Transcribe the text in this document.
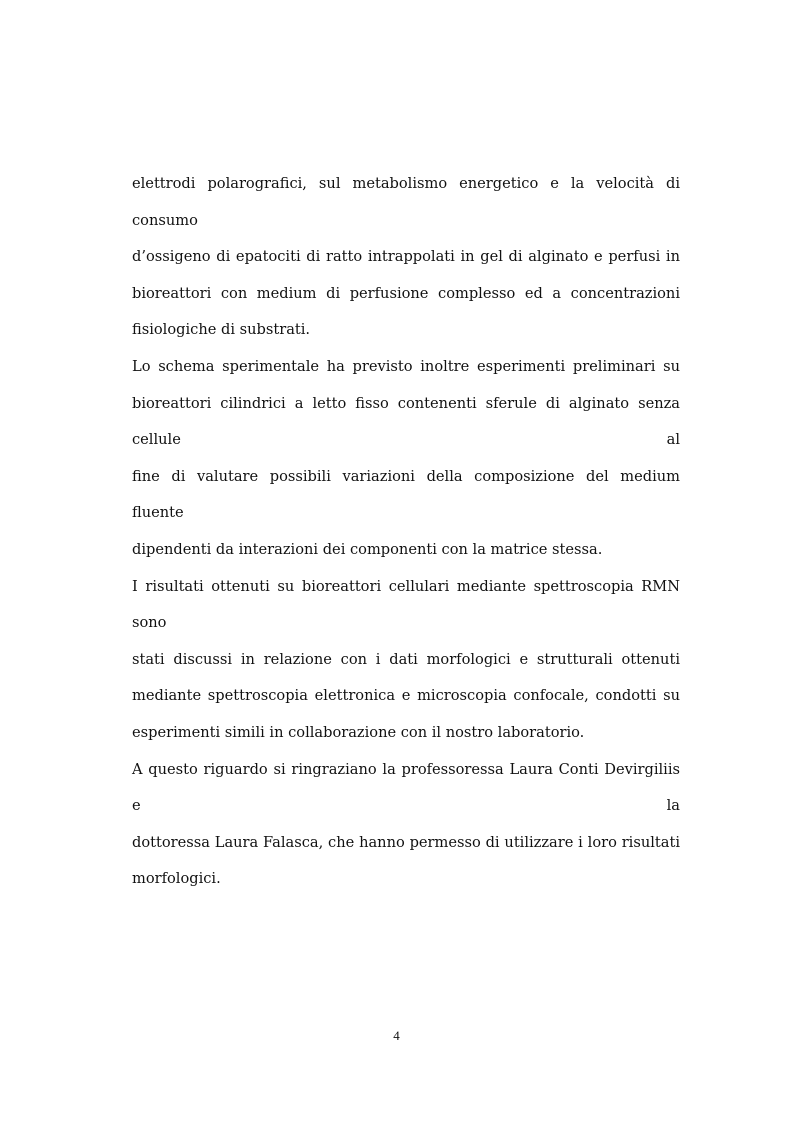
elettrodi polarografici, sul metabolismo energetico e la velocità di consumo
d’ossigeno di epatociti di ratto intrappolati in gel di alginato e perfusi in
bioreattori con medium di perfusione complesso ed a concentrazioni
fisiologiche di substrati.

Lo schema sperimentale ha previsto inoltre esperimenti preliminari su
bioreattori cilindrici a letto fisso contenenti sferule di alginato senza cellule al
fine di valutare possibili variazioni della composizione del medium fluente
dipendenti da interazioni dei componenti con la matrice stessa.

I risultati ottenuti su bioreattori cellulari mediante spettroscopia RMN sono
stati discussi in relazione con i dati morfologici e strutturali ottenuti
mediante spettroscopia elettronica e microscopia confocale, condotti su
esperimenti simili in collaborazione con il nostro laboratorio.

A questo riguardo si ringraziano la professoressa Laura Conti Devirgiliis e la
dottoressa Laura Falasca, che hanno permesso di utilizzare i loro risultati
morfologici.

4
